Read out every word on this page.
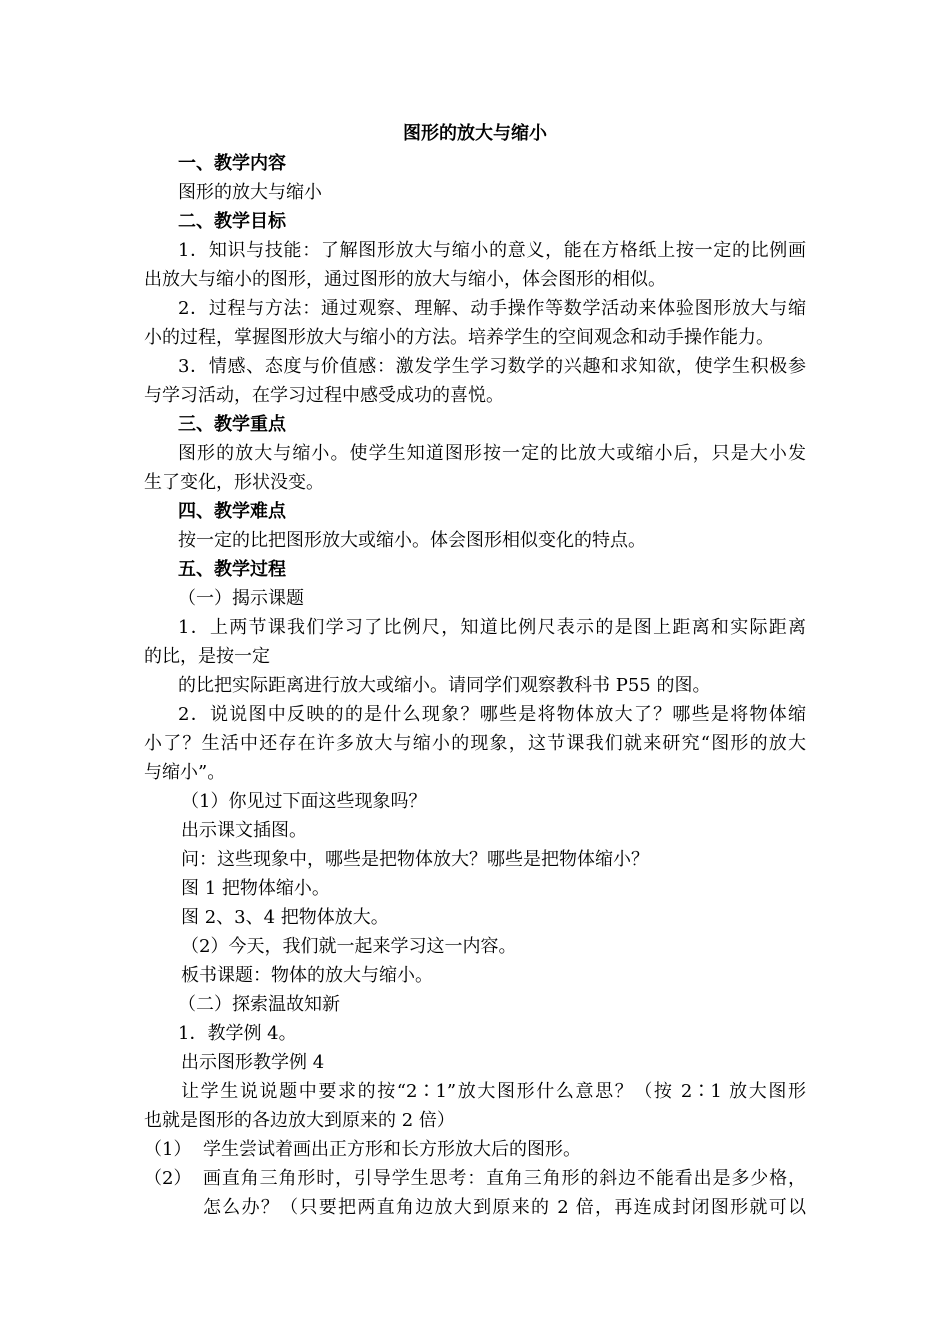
图形的放大与缩小
一、教学内容
图形的放大与缩小
二、教学目标
1．知识与技能：了解图形放大与缩小的意义，能在方格纸上按一定的比例画
出放大与缩小的图形，通过图形的放大与缩小，体会图形的相似。
2．过程与方法：通过观察、理解、动手操作等数学活动来体验图形放大与缩
小的过程，掌握图形放大与缩小的方法。培养学生的空间观念和动手操作能力。
3．情感、态度与价值感：激发学生学习数学的兴趣和求知欲，使学生积极参
与学习活动，在学习过程中感受成功的喜悦。
三、教学重点
图形的放大与缩小。使学生知道图形按一定的比放大或缩小后，只是大小发
生了变化，形状没变。
四、教学难点
按一定的比把图形放大或缩小。体会图形相似变化的特点。
五、教学过程
（一）揭示课题
1．上两节课我们学习了比例尺，知道比例尺表示的是图上距离和实际距离
的比，是按一定
的比把实际距离进行放大或缩小。请同学们观察教科书 P55 的图。
2．说说图中反映的的是什么现象？哪些是将物体放大了？哪些是将物体缩
小了？生活中还存在许多放大与缩小的现象，这节课我们就来研究“图形的放大
与缩小”。
（1）你见过下面这些现象吗？
出示课文插图。
问：这些现象中，哪些是把物体放大？哪些是把物体缩小？
图 1 把物体缩小。
图 2、3、4 把物体放大。
（2）今天，我们就一起来学习这一内容。
板书课题：物体的放大与缩小。
（二）探索温故知新
1．教学例 4。
出示图形教学例 4
让学生说说题中要求的按“2∶1”放大图形什么意思？（按 2∶1 放大图形
也就是图形的各边放大到原来的 2 倍）
（1） 学生尝试着画出正方形和长方形放大后的图形。
（2） 画直角三角形时，引导学生思考：直角三角形的斜边不能看出是多少格，
怎么办？（只要把两直角边放大到原来的 2 倍，再连成封闭图形就可以
